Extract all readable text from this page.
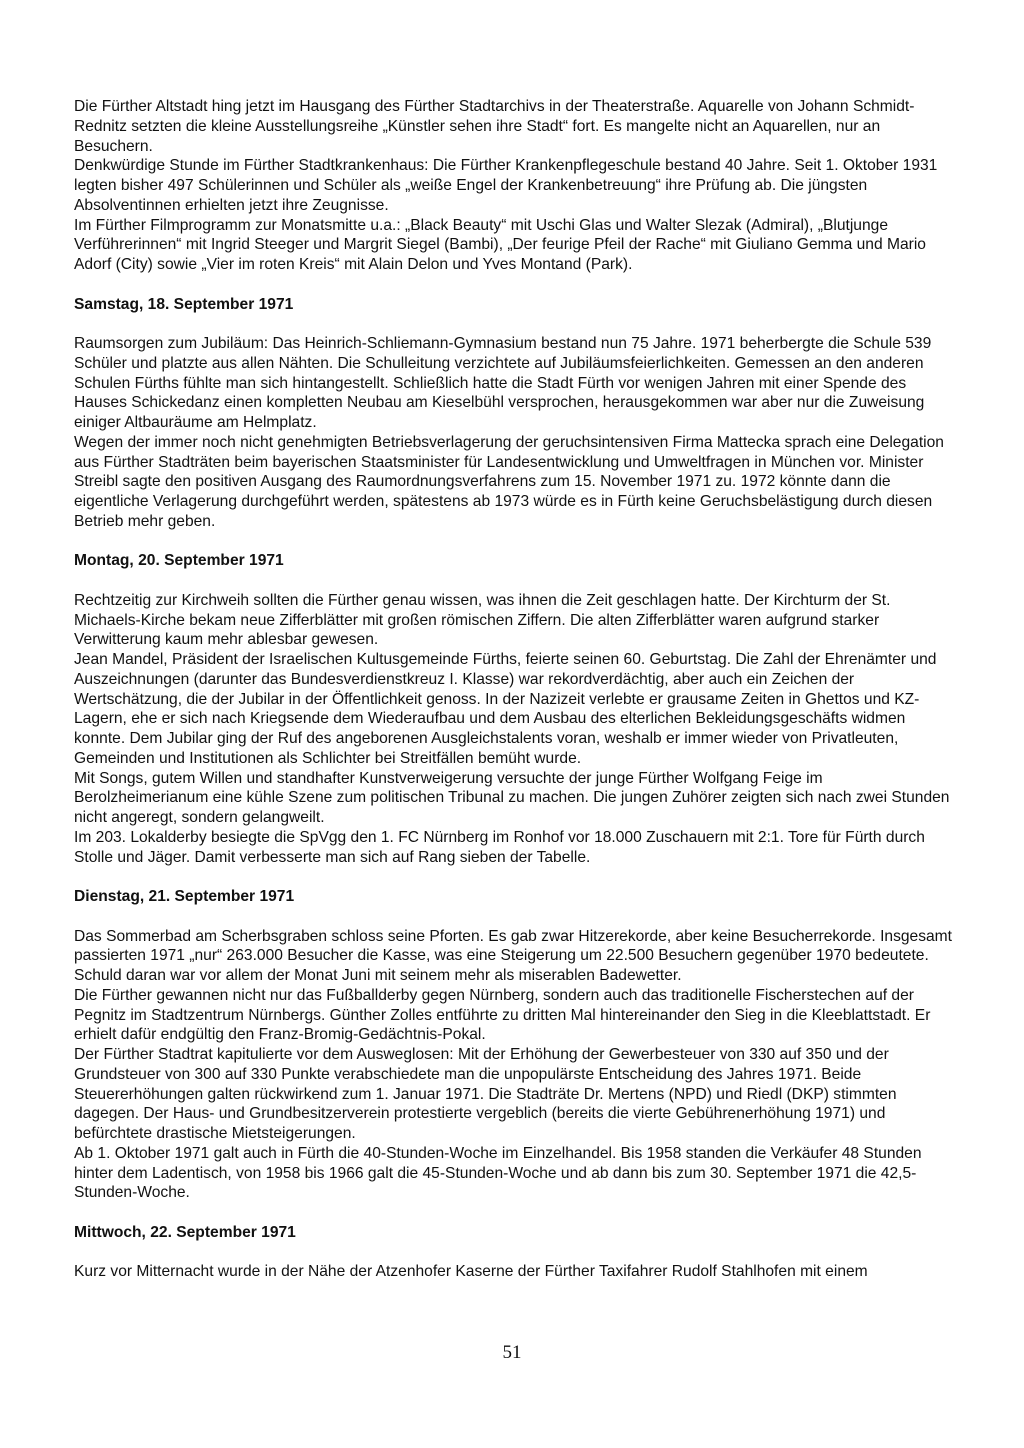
Die Fürther Altstadt hing jetzt im Hausgang des Fürther Stadtarchivs in der Theaterstraße. Aquarelle von Johann Schmidt-Rednitz setzten die kleine Ausstellungsreihe „Künstler sehen ihre Stadt“ fort. Es mangelte nicht an Aquarellen, nur an Besuchern.

Denkwürdige Stunde im Fürther Stadtkrankenhaus: Die Fürther Krankenpflegeschule bestand 40 Jahre. Seit 1. Oktober 1931 legten bisher 497 Schülerinnen und Schüler als „weiße Engel der Krankenbetreuung“ ihre Prüfung ab. Die jüngsten Absolventinnen erhielten jetzt ihre Zeugnisse.

Im Fürther Filmprogramm zur Monatsmitte u.a.: „Black Beauty“ mit Uschi Glas und Walter Slezak (Admiral), „Blutjunge Verführerinnen“ mit Ingrid Steeger und Margrit Siegel (Bambi), „Der feurige Pfeil der Rache“ mit Giuliano Gemma und Mario Adorf (City) sowie „Vier im roten Kreis“ mit Alain Delon und Yves Montand (Park).

Samstag, 18. September 1971

Raumsorgen zum Jubiläum: Das Heinrich-Schliemann-Gymnasium bestand nun 75 Jahre. 1971 beherbergte die Schule 539 Schüler und platzte aus allen Nähten. Die Schulleitung verzichtete auf Jubiläumsfeierlichkeiten. Gemessen an den anderen Schulen Fürths fühlte man sich hintangestellt. Schließlich hatte die Stadt Fürth vor wenigen Jahren mit einer Spende des Hauses Schickedanz einen kompletten Neubau am Kieselbühl versprochen, herausgekommen war aber nur die Zuweisung einiger Altbauräume am Helmplatz.

Wegen der immer noch nicht genehmigten Betriebsverlagerung der geruchsintensiven Firma Mattecka sprach eine Delegation aus Fürther Stadträten beim bayerischen Staatsminister für Landesentwicklung und Umweltfragen in München vor. Minister Streibl sagte den positiven Ausgang des Raumordnungsverfahrens zum 15. November 1971 zu. 1972 könnte dann die eigentliche Verlagerung durchgeführt werden, spätestens ab 1973 würde es in Fürth keine Geruchsbelästigung durch diesen Betrieb mehr geben.

Montag, 20. September 1971

Rechtzeitig zur Kirchweih sollten die Fürther genau wissen, was ihnen die Zeit geschlagen hatte. Der Kirchturm der St. Michaels-Kirche bekam neue Zifferblätter mit großen römischen Ziffern. Die alten Zifferblätter waren aufgrund starker Verwitterung kaum mehr ablesbar gewesen.

Jean Mandel, Präsident der Israelischen Kultusgemeinde Fürths, feierte seinen 60. Geburtstag. Die Zahl der Ehrenämter und Auszeichnungen (darunter das Bundesverdienstkreuz I. Klasse) war rekordverdächtig, aber auch ein Zeichen der Wertschätzung, die der Jubilar in der Öffentlichkeit genoss. In der Nazizeit verlebte er grausame Zeiten in Ghettos und KZ-Lagern, ehe er sich nach Kriegsende dem Wiederaufbau und dem Ausbau des elterlichen Bekleidungsgeschäfts widmen konnte. Dem Jubilar ging der Ruf des angeborenen Ausgleichstalents voran, weshalb er immer wieder von Privatleuten, Gemeinden und Institutionen als Schlichter bei Streitfällen bemüht wurde.

Mit Songs, gutem Willen und standhafter Kunstverweigerung versuchte der junge Fürther Wolfgang Feige im Berolzheimerianum eine kühle Szene zum politischen Tribunal zu machen. Die jungen Zuhörer zeigten sich nach zwei Stunden nicht angeregt, sondern gelangweilt.

Im 203. Lokalderby besiegte die SpVgg den 1. FC Nürnberg im Ronhof vor 18.000 Zuschauern mit 2:1. Tore für Fürth durch Stolle und Jäger. Damit verbesserte man sich auf Rang sieben der Tabelle.

Dienstag, 21. September 1971

Das Sommerbad am Scherbsgraben schloss seine Pforten. Es gab zwar Hitzerekorde, aber keine Besucherrekorde. Insgesamt passierten 1971 „nur“ 263.000 Besucher die Kasse, was eine Steigerung um 22.500 Besuchern gegenüber 1970 bedeutete. Schuld daran war vor allem der Monat Juni mit seinem mehr als miserablen Badewetter.

Die Fürther gewannen nicht nur das Fußballderby gegen Nürnberg, sondern auch das traditionelle Fischerstechen auf der Pegnitz im Stadtzentrum Nürnbergs. Günther Zolles entführte zu dritten Mal hintereinander den Sieg in die Kleeblattstadt. Er erhielt dafür endgültig den Franz-Bromig-Gedächtnis-Pokal.

Der Fürther Stadtrat kapitulierte vor dem Ausweglosen: Mit der Erhöhung der Gewerbesteuer von 330 auf 350 und der Grundsteuer von 300 auf 330 Punkte verabschiedete man die unpopulärste Entscheidung des Jahres 1971. Beide Steuererhöhungen galten rückwirkend zum 1. Januar 1971. Die Stadträte Dr. Mertens (NPD) und Riedl (DKP) stimmten dagegen. Der Haus- und Grundbesitzerverein protestierte vergeblich (bereits die vierte Gebührenerhöhung 1971) und befürchtete drastische Mietsteigerungen.

Ab 1. Oktober 1971 galt auch in Fürth die 40-Stunden-Woche im Einzelhandel. Bis 1958 standen die Verkäufer 48 Stunden hinter dem Ladentisch, von 1958 bis 1966 galt die 45-Stunden-Woche und ab dann bis zum 30. September 1971 die 42,5-Stunden-Woche.

Mittwoch, 22. September 1971

Kurz vor Mitternacht wurde in der Nähe der Atzenhofer Kaserne der Fürther Taxifahrer Rudolf Stahlhofen mit einem

51
